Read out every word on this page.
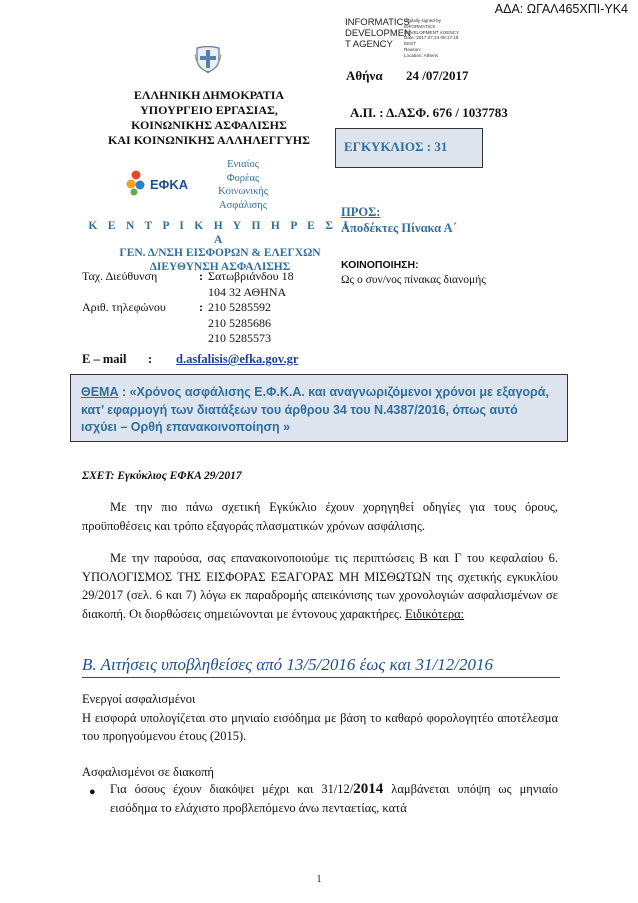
ΑΔΑ: ΩΓΑΛ465ΧΠΙ-ΥΚ4
INFORMATICS
DEVELOPMEN
T AGENCY
Digitally signed by
INFORMATICS
DEVELOPMENT AGENCY
Date: 2017.07.24 08:17:19
EEST
Reason:
Location: Athens
ΕΛΛΗΝΙΚΗ ΔΗΜΟΚΡΑΤΙΑ
ΥΠΟΥΡΓΕΙΟ ΕΡΓΑΣΙΑΣ,
ΚΟΙΝΩΝΙΚΗΣ ΑΣΦΑΛΙΣΗΣ
ΚΑΙ ΚΟΙΝΩΝΙΚΗΣ ΑΛΛΗΛΕΓΓΥΗΣ
ΕΦΚΑ
Ενιαίος
Φορέας
Κοινωνικής
Ασφάλισης
Κ Ε Ν Τ Ρ Ι Κ Η Υ Π Η Ρ Ε Σ Ι Α
ΓΕΝ. Δ/ΝΣΗ ΕΙΣΦΟΡΩΝ & ΕΛΕΓΧΩΝ
ΔΙΕΥΘΥΝΣΗ ΑΣΦΑΛΙΣΗΣ
Ταχ. Διεύθυνση	: Σατωβριάνδου 18
104 32 ΑΘΗΝΑ
Αριθ. τηλεφώνου	: 210 5285592
210 5285686
210 5285573
E – mail : d.asfalisis@efka.gov.gr
Αθήνα 24 /07/2017
Α.Π. : Δ.ΑΣΦ. 676 / 1037783
ΕΓΚΥΚΛΙΟΣ : 31
ΠΡΟΣ:
Αποδέκτες Πίνακα Α΄
ΚΟΙΝΟΠΟΙΗΣΗ:
Ως ο συν/νος πίνακας διανομής
ΘΕΜΑ : «Χρόνος ασφάλισης Ε.Φ.Κ.Α. και αναγνωριζόμενοι χρόνοι με εξαγορά, κατ’ εφαρμογή των διατάξεων του άρθρου 34 του Ν.4387/2016, όπως αυτό ισχύει – Ορθή επανακοινοποίηση »
ΣΧΕΤ: Εγκύκλιος ΕΦΚΑ 29/2017
Με την πιο πάνω σχετική Εγκύκλιο έχουν χορηγηθεί οδηγίες για τους όρους, προϋποθέσεις και τρόπο εξαγοράς πλασματικών χρόνων ασφάλισης.
Με την παρούσα, σας επανακοινοποιούμε τις περιπτώσεις Β και Γ του κεφαλαίου 6. ΥΠΟΛΟΓΙΣΜΟΣ ΤΗΣ ΕΙΣΦΟΡΑΣ ΕΞΑΓΟΡΑΣ ΜΗ ΜΙΣΘΩΤΩΝ της σχετικής εγκυκλίου 29/2017 (σελ. 6 και 7) λόγω εκ παραδρομής απεικόνισης των χρονολογιών ασφαλισμένων σε διακοπή. Οι διορθώσεις σημειώνονται με έντονους χαρακτήρες. Ειδικότερα:
Β. Αιτήσεις υποβληθείσες από 13/5/2016 έως και 31/12/2016
Ενεργοί ασφαλισμένοι
Η εισφορά υπολογίζεται στο μηνιαίο εισόδημα με βάση το καθαρό φορολογητέο αποτέλεσμα του προηγούμενου έτους (2015).
Ασφαλισμένοι σε διακοπή
● Για όσους έχουν διακόψει μέχρι και 31/12/2014 λαμβάνεται υπόψη ως μηνιαίο εισόδημα το ελάχιστο προβλεπόμενο άνω πενταετίας, κατά
1
